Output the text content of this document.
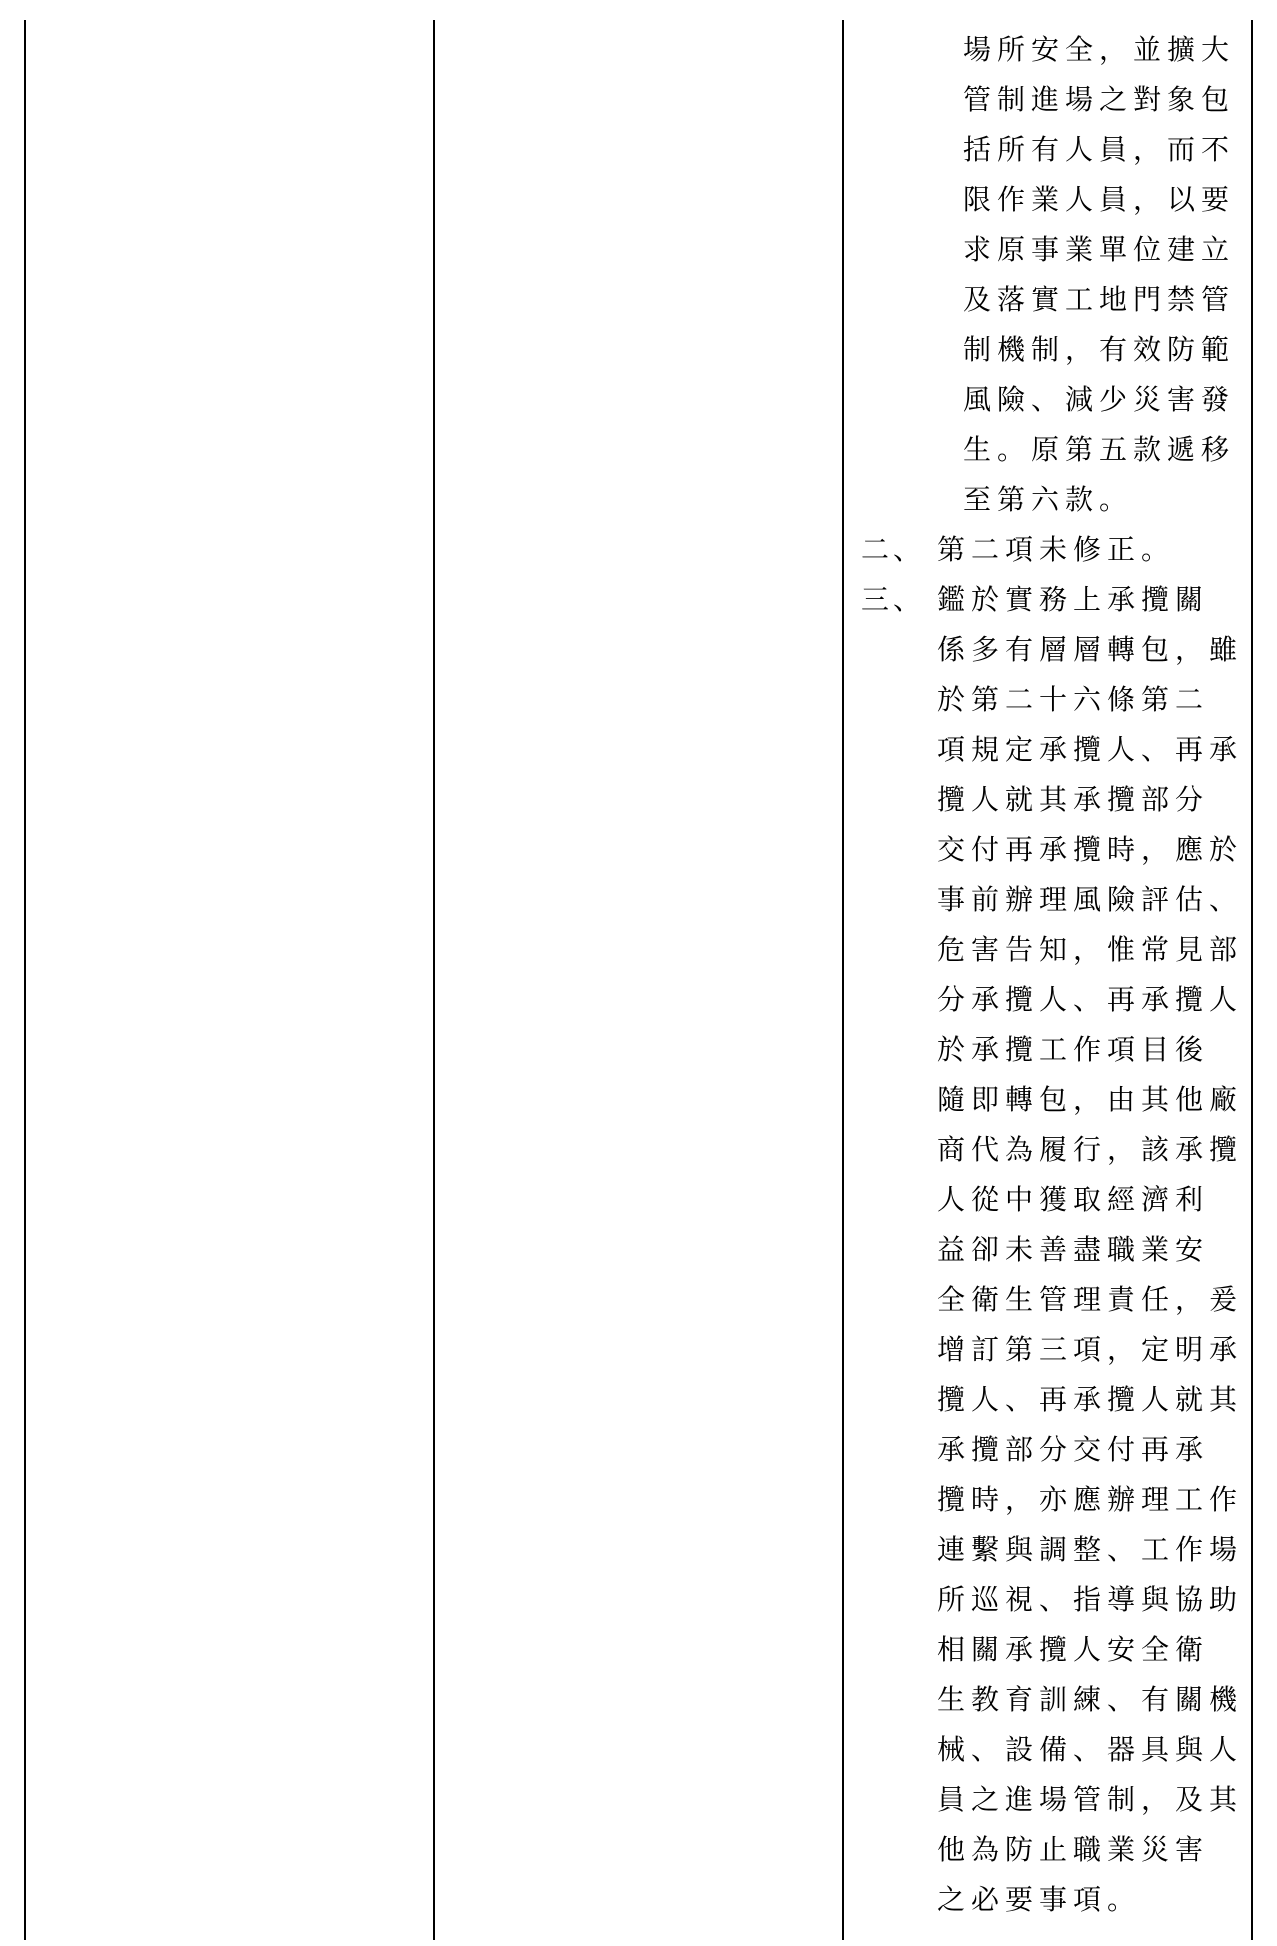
場所安全，並擴大
管制進場之對象包
括所有人員，而不
限作業人員，以要
求原事業單位建立
及落實工地門禁管
制機制，有效防範
風險、減少災害發
生。原第五款遞移
至第六款。
二、 第二項未修正。
三、 鑑於實務上承攬關
係多有層層轉包，雖
於第二十六條第二
項規定承攬人、再承
攬人就其承攬部分
交付再承攬時，應於
事前辦理風險評估、
危害告知，惟常見部
分承攬人、再承攬人
於承攬工作項目後
隨即轉包，由其他廠
商代為履行，該承攬
人從中獲取經濟利
益卻未善盡職業安
全衛生管理責任，爰
增訂第三項，定明承
攬人、再承攬人就其
承攬部分交付再承
攬時，亦應辦理工作
連繫與調整、工作場
所巡視、指導與協助
相關承攬人安全衛
生教育訓練、有關機
械、設備、器具與人
員之進場管制，及其
他為防止職業災害
之必要事項。
